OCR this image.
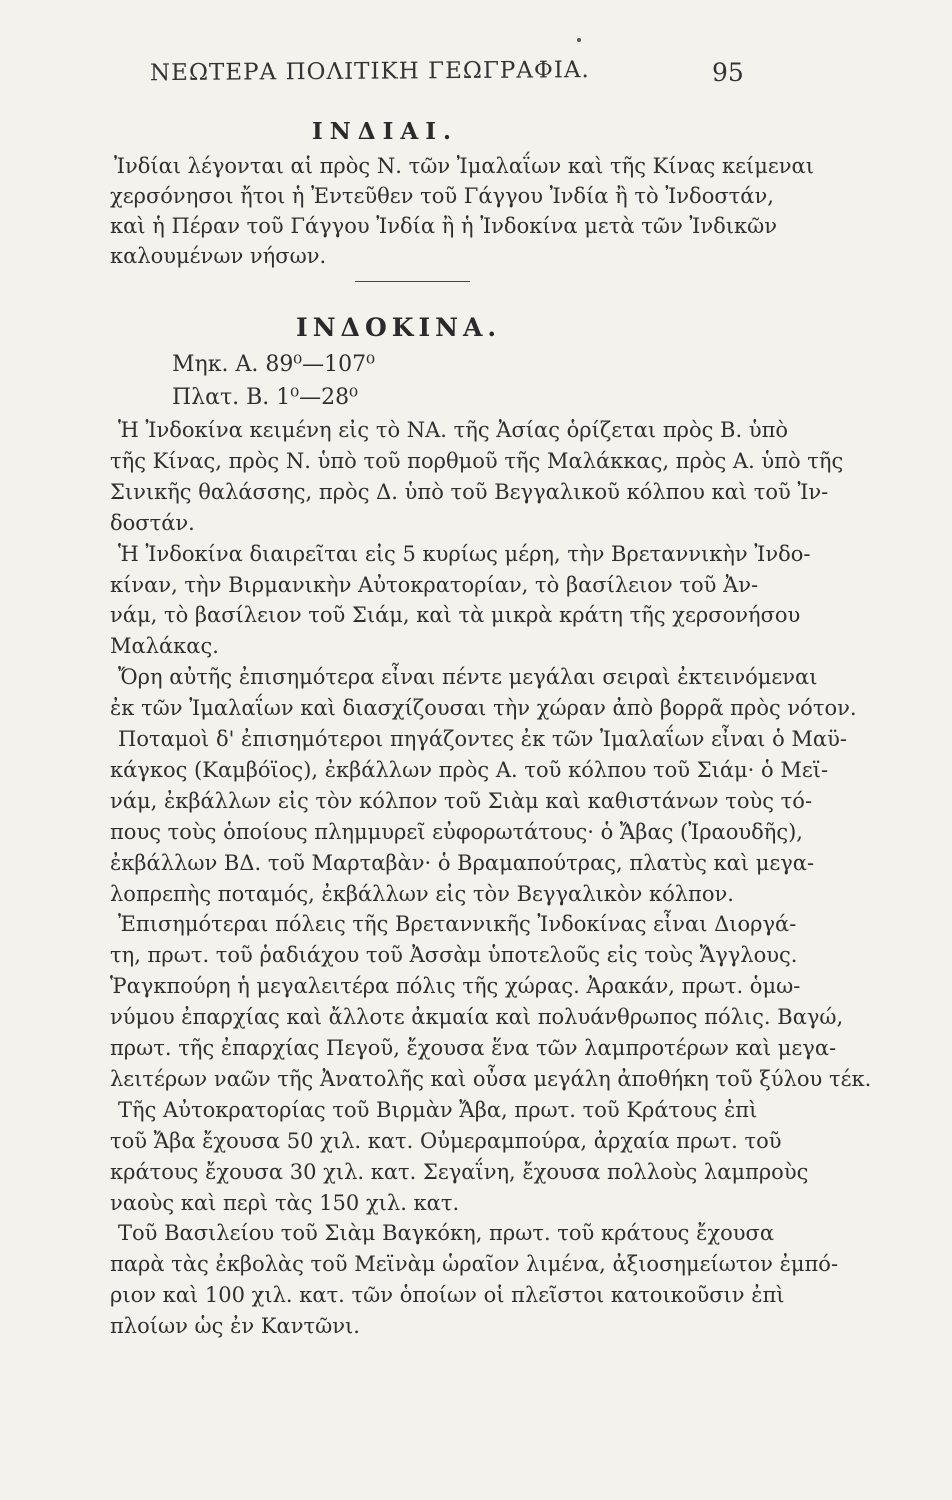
ΝΕΩΤΕΡΑ ΠΟΛΙΤΙΚΗ ΓΕΩΓΡΑΦΙΑ.	95
ΙΝΔΙΑΙ.
Ἰνδίαι λέγονται αἱ πρὸς Ν. τῶν Ἰμαλαΐων καὶ τῆς Κίνας κείμεναι
χερσόνησοι ἤτοι ἡ Ἐντεῦθεν τοῦ Γάγγου Ἰνδία ἢ τὸ Ἰνδοστάν,
καὶ ἡ Πέραν τοῦ Γάγγου Ἰνδία ἢ ἡ Ἰνδοκίνα μετὰ τῶν Ἰνδικῶν
καλουμένων νήσων.
ΙΝΔΟΚΙΝΑ.
Μηκ. Α. 89⁰—107⁰
Πλατ. Β. 1⁰—28⁰
Ἡ Ἰνδοκίνα κειμένη εἰς τὸ ΝΑ. τῆς Ἀσίας ὁρίζεται πρὸς Β. ὑπὸ
τῆς Κίνας, πρὸς Ν. ὑπὸ τοῦ πορθμοῦ τῆς Μαλάκκας, πρὸς Α. ὑπὸ τῆς
Σινικῆς θαλάσσης, πρὸς Δ. ὑπὸ τοῦ Βεγγαλικοῦ κόλπου καὶ τοῦ Ἰν-
δοστάν.
Ἡ Ἰνδοκίνα διαιρεῖται εἰς 5 κυρίως μέρη, τὴν Βρεταννικὴν Ἰνδο-
κίναν, τὴν Βιρμανικὴν Αὐτοκρατορίαν, τὸ βασίλειον τοῦ Ἀν-
νάμ, τὸ βασίλειον τοῦ Σιάμ, καὶ τὰ μικρὰ κράτη τῆς χερσονήσου
Μαλάκας.
Ὄρη αὐτῆς ἐπισημότερα εἶναι πέντε μεγάλαι σειραὶ ἐκτεινόμεναι
ἐκ τῶν Ἰμαλαΐων καὶ διασχίζουσαι τὴν χώραν ἀπὸ βορρᾶ πρὸς νότον.
Ποταμοὶ δ' ἐπισημότεροι πηγάζοντες ἐκ τῶν Ἰμαλαΐων εἶναι ὁ Μαϋ-
κάγκος (Καμβόϊος), ἐκβάλλων πρὸς Α. τοῦ κόλπου τοῦ Σιάμ· ὁ Μεϊ-
νάμ, ἐκβάλλων εἰς τὸν κόλπον τοῦ Σιὰμ καὶ καθιστάνων τοὺς τό-
πους τοὺς ὁποίους πλημμυρεῖ εὐφορωτάτους· ὁ Ἄβας (Ἰραουδῆς),
ἐκβάλλων ΒΔ. τοῦ Μαρταβὰν· ὁ Βραμαπούτρας, πλατὺς καὶ μεγα-
λοπρεπὴς ποταμός, ἐκβάλλων εἰς τὸν Βεγγαλικὸν κόλπον.
Ἐπισημότεραι πόλεις τῆς Βρεταννικῆς Ἰνδοκίνας εἶναι Διοργά-
τη, πρωτ. τοῦ ῥαδιάχου τοῦ Ἀσσὰμ ὑποτελοῦς εἰς τοὺς Ἄγγλους.
Ῥαγκπούρη ἡ μεγαλειτέρα πόλις τῆς χώρας. Ἀρακάν, πρωτ. ὁμω-
νύμου ἐπαρχίας καὶ ἄλλοτε ἀκμαία καὶ πολυάνθρωπος πόλις. Βαγώ,
πρωτ. τῆς ἐπαρχίας Πεγοῦ, ἔχουσα ἕνα τῶν λαμπροτέρων καὶ μεγα-
λειτέρων ναῶν τῆς Ἀνατολῆς καὶ οὖσα μεγάλη ἀποθήκη τοῦ ξύλου τέκ.
Τῆς Αὐτοκρατορίας τοῦ Βιρμὰν Ἄβα, πρωτ. τοῦ Κράτους ἐπὶ
τοῦ Ἄβα ἔχουσα 50 χιλ. κατ. Οὐμεραμπούρα, ἀρχαία πρωτ. τοῦ
κράτους ἔχουσα 30 χιλ. κατ. Σεγαΐνη, ἔχουσα πολλοὺς λαμπροὺς
ναοὺς καὶ περὶ τὰς 150 χιλ. κατ.
Τοῦ Βασιλείου τοῦ Σιὰμ Βαγκόκη, πρωτ. τοῦ κράτους ἔχουσα
παρὰ τὰς ἐκβολὰς τοῦ Μεϊνὰμ ὡραῖον λιμένα, ἀξιοσημείωτον ἐμπό-
ριον καὶ 100 χιλ. κατ. τῶν ὁποίων οἱ πλεῖστοι κατοικοῦσιν ἐπὶ
πλοίων ὡς ἐν Καντῶνι.
